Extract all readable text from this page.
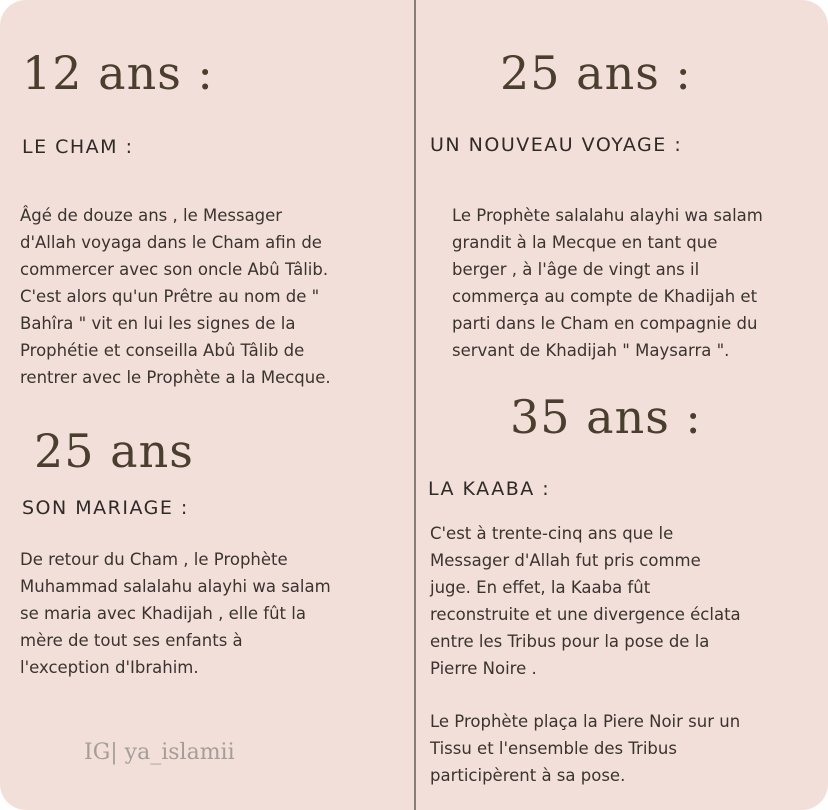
12 ans :
LE CHAM :
Âgé de douze ans , le Messager
d'Allah voyaga dans le Cham afin de
commercer avec son oncle Abû Tâlib.
C'est alors qu'un Prêtre au nom de "
Bahîra " vit en lui les signes de la
Prophétie et conseilla Abû Tâlib de
rentrer avec le Prophète a la Mecque.
25 ans
SON MARIAGE :
De retour du Cham , le Prophète
Muhammad salalahu alayhi wa salam
se maria avec Khadijah , elle fût la
mère de tout ses enfants à
l'exception d'Ibrahim.
IG| ya_islamii
25 ans :
UN NOUVEAU VOYAGE :
Le Prophète salalahu alayhi wa salam
grandit à la Mecque en tant que
berger , à l'âge de vingt ans il
commerça au compte de Khadijah et
parti dans le Cham en compagnie du
servant de Khadijah " Maysarra ".
35 ans :
LA KAABA :
C'est à trente-cinq ans que le
Messager d'Allah fut pris comme
juge. En effet, la Kaaba fût
reconstruite et une divergence éclata
entre les Tribus pour la pose de la
Pierre Noire .
Le Prophète plaça la Piere Noir sur un
Tissu et l'ensemble des Tribus
participèrent à sa pose.
